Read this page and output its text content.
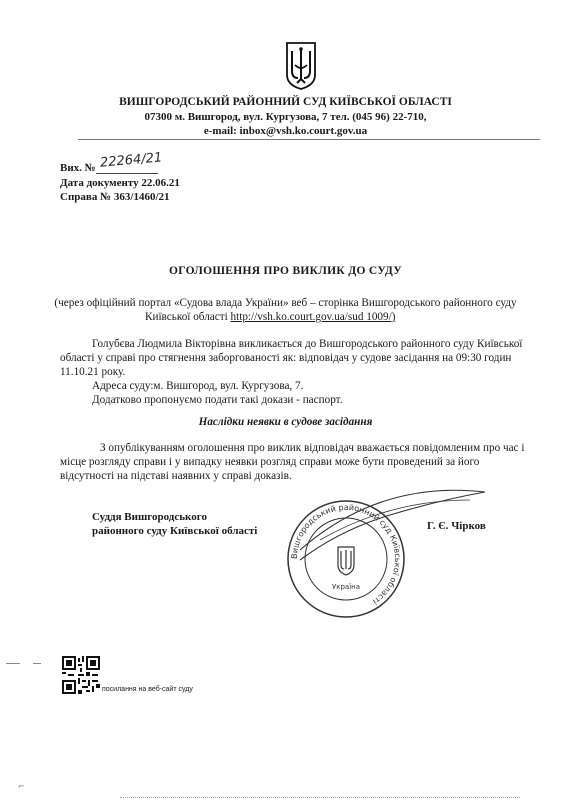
ВИШГОРОДСЬКИЙ РАЙОННИЙ СУД КИЇВСЬКОЇ ОБЛАСТІ
07300 м. Вишгород, вул. Кургузова, 7 тел. (045 96) 22-710,
e-mail: inbox@vsh.ko.court.gov.ua
Вих. № 22264/21
Дата документу 22.06.21
Справа № 363/1460/21
ОГОЛОШЕННЯ ПРО ВИКЛИК ДО СУДУ
(через офіційний портал «Судова влада України» веб – сторінка Вишгородського районного суду
Київської області http://vsh.ko.court.gov.ua/sud 1009/)
Голубєва Людмила Вікторівна викликається до Вишгородського районного суду Київської
області у справі про стягнення заборгованості як: відповідач у судове засідання на 09:30 годин
11.10.21 року.
Адреса суду:м. Вишгород, вул. Кургузова, 7.
Додатково пропонуємо подати такі докази - паспорт.
Наслідки неявки в судове засідання
З опублікуванням оголошення про виклик відповідач вважається повідомленим про час і
місце розгляду справи і у випадку неявки розгляд справи може бути проведений за його
відсутності на підставі наявних у справі доказів.
Суддя Вишгородського
районного суду Київської області	Г. Є. Чірков
Вишгородський районний суд Київської області
Україна
посилання на веб-сайт суду
⌐
